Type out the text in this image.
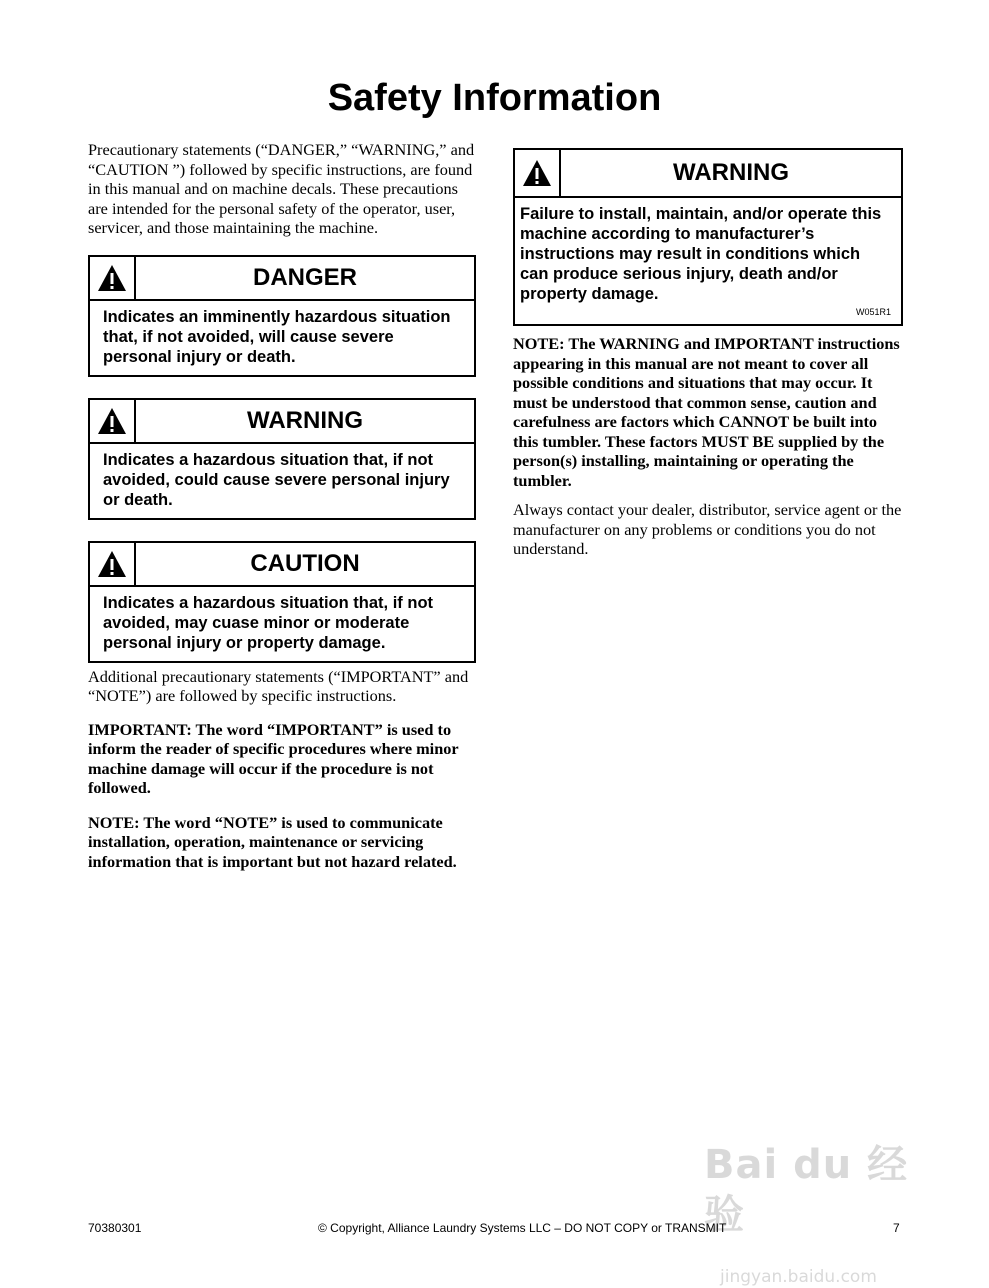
Safety Information

Precautionary statements (“DANGER,” “WARNING,” and “CAUTION ”) followed by specific instructions, are found in this manual and on machine decals. These precautions are intended for the personal safety of the operator, user, servicer, and those maintaining the machine.

DANGER
Indicates an imminently hazardous situation that, if not avoided, will cause severe personal injury or death.
WARNING
Indicates a hazardous situation that, if not avoided, could cause severe personal injury or death.
CAUTION
Indicates a hazardous situation that, if not avoided, may cuase minor or moderate personal injury or property damage.

Additional precautionary statements (“IMPORTANT” and “NOTE”) are followed by specific instructions.

IMPORTANT: The word “IMPORTANT” is used to inform the reader of specific procedures where minor machine damage will occur if the procedure is not followed.

NOTE: The word “NOTE” is used to communicate installation, operation, maintenance or servicing information that is important but not hazard related.

WARNING
Failure to install, maintain, and/or operate this machine according to manufacturer’s instructions may result in conditions which can produce serious injury, death and/or property damage.
W051R1

NOTE: The WARNING and IMPORTANT instructions appearing in this manual are not meant to cover all possible conditions and situations that may occur. It must be understood that common sense, caution and carefulness are factors which CANNOT be built into this tumbler. These factors MUST BE supplied by the person(s) installing, maintaining or operating the tumbler.

Always contact your dealer, distributor, service agent or the manufacturer on any problems or conditions you do not understand.

Bai du 经验
jingyan.baidu.com
70380301	© Copyright, Alliance Laundry Systems LLC – DO NOT COPY or TRANSMIT	7
